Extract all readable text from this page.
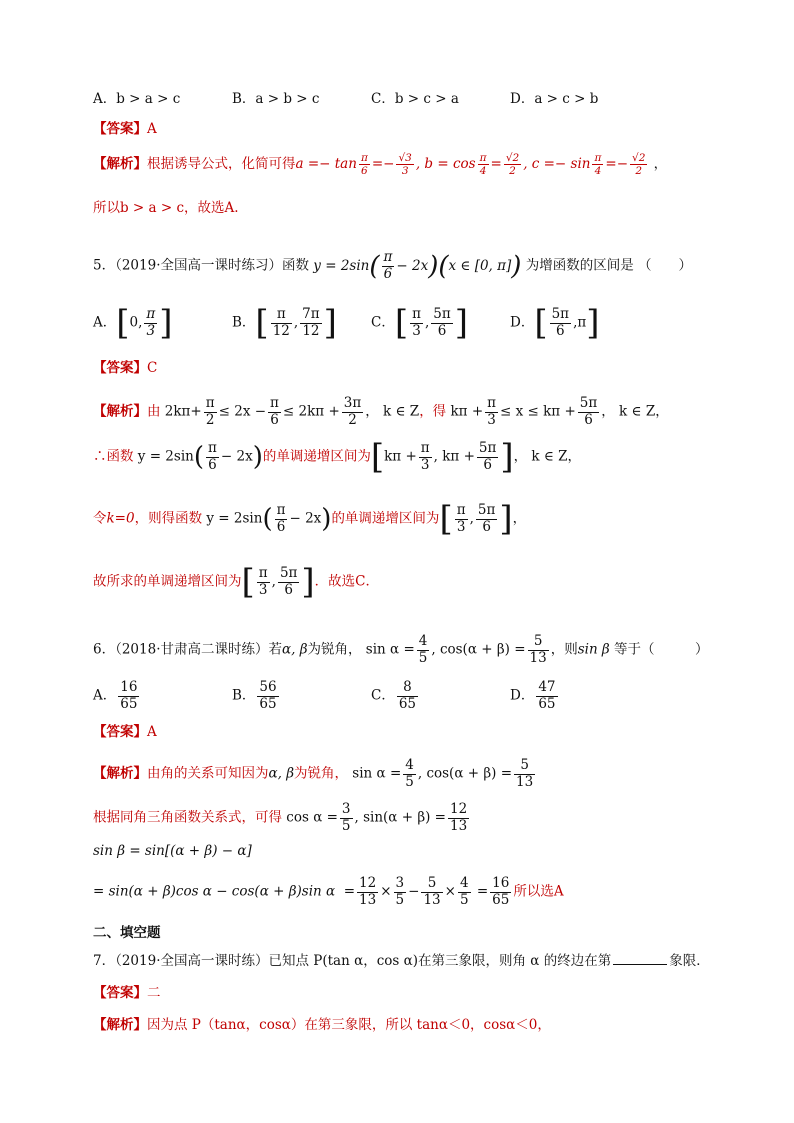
A．b > a > c	B．a > b > c	C．b > c > a	D．a > c > b
【答案】A
【解析】根据诱导公式，化简可得$a =- \tan \frac{\pi}{6} =- \frac{√3}{3}$ , $b = \cos \frac{\pi}{4} = \frac{√2}{2}$ , $c =- \sin \frac{\pi}{4} =- \frac{√2}{2}$ ，
所以b > a > c，故选A.
5．（2019·全国高一课时练习）函数 $y = 2\sin( \frac{\pi}{6} - 2x)(x$ ∈ [0, π]) 为增函数的区间是 （　　）
A．[0, $\frac{\pi}{3}$ ]	B．[ $\frac{\pi}{12}$ , $\frac{7\pi}{12}$ ]	C．[ $\frac{\pi}{3}$ , $\frac{5\pi}{6}$ ]	D．[ $\frac{5\pi}{6} ,\pi$]
【答案】C
【解析】由 $2k\pi+ \frac{\pi}{2} \le 2x - \frac{\pi}{6} \le 2k\pi + \frac{3\pi}{2}$ ， k ∈ Z，得 $k\pi + \frac{\pi}{3} \le x \le k\pi + \frac{5\pi}{6}$ ， k ∈ Z，
∴函数 $y = 2\sin( \frac{\pi}{6} - 2x)$的单调递增区间为[$k\pi + \frac{\pi}{3}$ , $k\pi + \frac{5\pi}{6}$ ]， k ∈ Z，
令k=0，则得函数 $y = 2\sin( \frac{\pi}{6} - 2x)$的单调递增区间为[ $\frac{\pi}{3}$ , $\frac{5\pi}{6}$ ]，
故所求的单调递增区间为[ $\frac{\pi}{3}$ , $\frac{5\pi}{6}$ ]．故选C．
6．（2018·甘肃高二课时练）若α, β为锐角， $\sin \alpha = \frac{4}{5}$ , $\cos(\alpha + \beta) = \frac{5}{13}$ ，则sin β 等于（　　　）
A． $\frac{16}{65}$	B． $\frac{56}{65}$	C． $\frac{8}{65}$	D． $\frac{47}{65}$
【答案】A
【解析】由角的关系可知因为α, β为锐角， $\sin \alpha = \frac{4}{5}$ , $\cos(\alpha + \beta) = \frac{5}{13}$
根据同角三角函数关系式，可得 $\cos \alpha = \frac{3}{5}$ , $\sin(\alpha + \beta) = \frac{12}{13}$
sin β = sin[(α + β) − α]
= sin(α + β)cos α − cos(α + β)sin $\alpha = \frac{12}{13} \times \frac{3}{5} - \frac{5}{13} \times \frac{4}{5} = \frac{16}{65}$ 所以选A
二、填空题
7．（2019·全国高一课时练）已知点 P(tan α，cos α)在第三象限，则角 α 的终边在第	象限．
【答案】二
【解析】因为点 P（tanα，cosα）在第三象限，所以 tanα＜0，cosα＜0，
